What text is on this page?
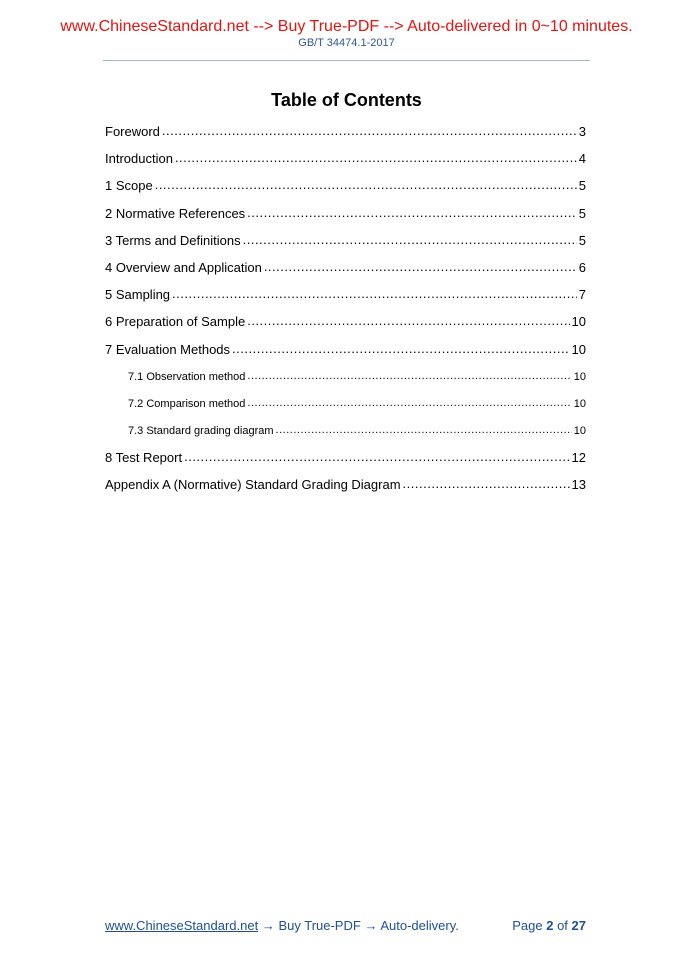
www.ChineseStandard.net --> Buy True-PDF --> Auto-delivered in 0~10 minutes.
GB/T 34474.1-2017
Table of Contents
Foreword .....	3
Introduction .....	4
1 Scope .....	5
2 Normative References .....	5
3 Terms and Definitions .....	5
4 Overview and Application .....	6
5 Sampling .....	7
6 Preparation of Sample .....	10
7 Evaluation Methods .....	10
7.1 Observation method .....	10
7.2 Comparison method .....	10
7.3 Standard grading diagram .....	10
8 Test Report .....	12
Appendix A (Normative) Standard Grading Diagram .....	13
www.ChineseStandard.net → Buy True-PDF → Auto-delivery.	Page 2 of 27
